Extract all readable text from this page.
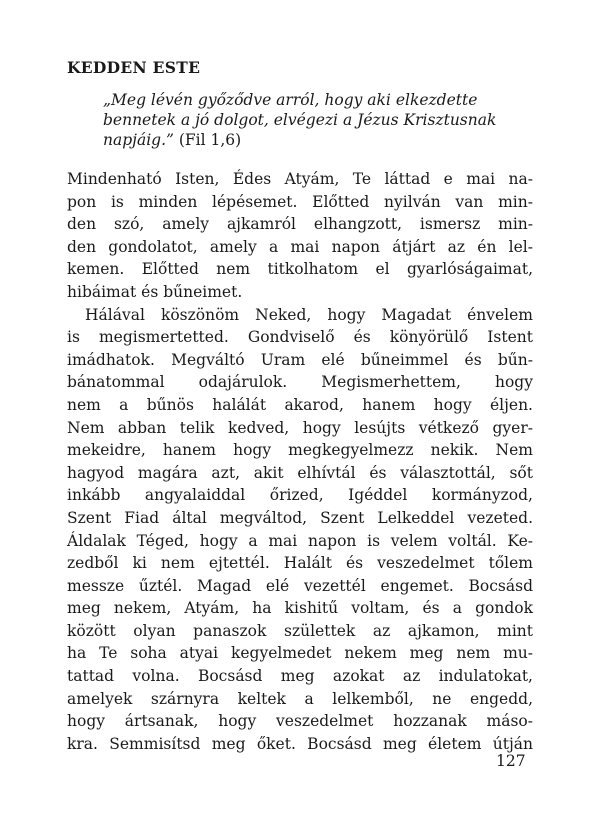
KEDDEN ESTE
„Meg lévén győződve arról, hogy aki elkezdette
bennetek a jó dolgot, elvégezi a Jézus Krisztusnak
napjáig.” (Fil 1,6)
Mindenható Isten, Édes Atyám, Te láttad e mai na-
pon is minden lépésemet. Előtted nyilván van min-
den szó, amely ajkamról elhangzott, ismersz min-
den gondolatot, amely a mai napon átjárt az én lel-
kemen. Előtted nem titkolhatom el gyarlóságaimat,
hibáimat és bűneimet.
Hálával köszönöm Neked, hogy Magadat énvelem
is megismertetted. Gondviselő és könyörülő Istent
imádhatok. Megváltó Uram elé bűneimmel és bűn-
bánatommal odajárulok. Megismerhettem, hogy
nem a bűnös halálát akarod, hanem hogy éljen.
Nem abban telik kedved, hogy lesújts vétkező gyer-
mekeidre, hanem hogy megkegyelmezz nekik. Nem
hagyod magára azt, akit elhívtál és választottál, sőt
inkább angyalaiddal őrized, Igéddel kormányzod,
Szent Fiad által megváltod, Szent Lelkeddel vezeted.
Áldalak Téged, hogy a mai napon is velem voltál. Ke-
zedből ki nem ejtettél. Halált és veszedelmet tőlem
messze űztél. Magad elé vezettél engemet. Bocsásd
meg nekem, Atyám, ha kishitű voltam, és a gondok
között olyan panaszok születtek az ajkamon, mint
ha Te soha atyai kegyelmedet nekem meg nem mu-
tattad volna. Bocsásd meg azokat az indulatokat,
amelyek szárnyra keltek a lelkemből, ne engedd,
hogy ártsanak, hogy veszedelmet hozzanak máso-
kra. Semmisítsd meg őket. Bocsásd meg életem útján
127
